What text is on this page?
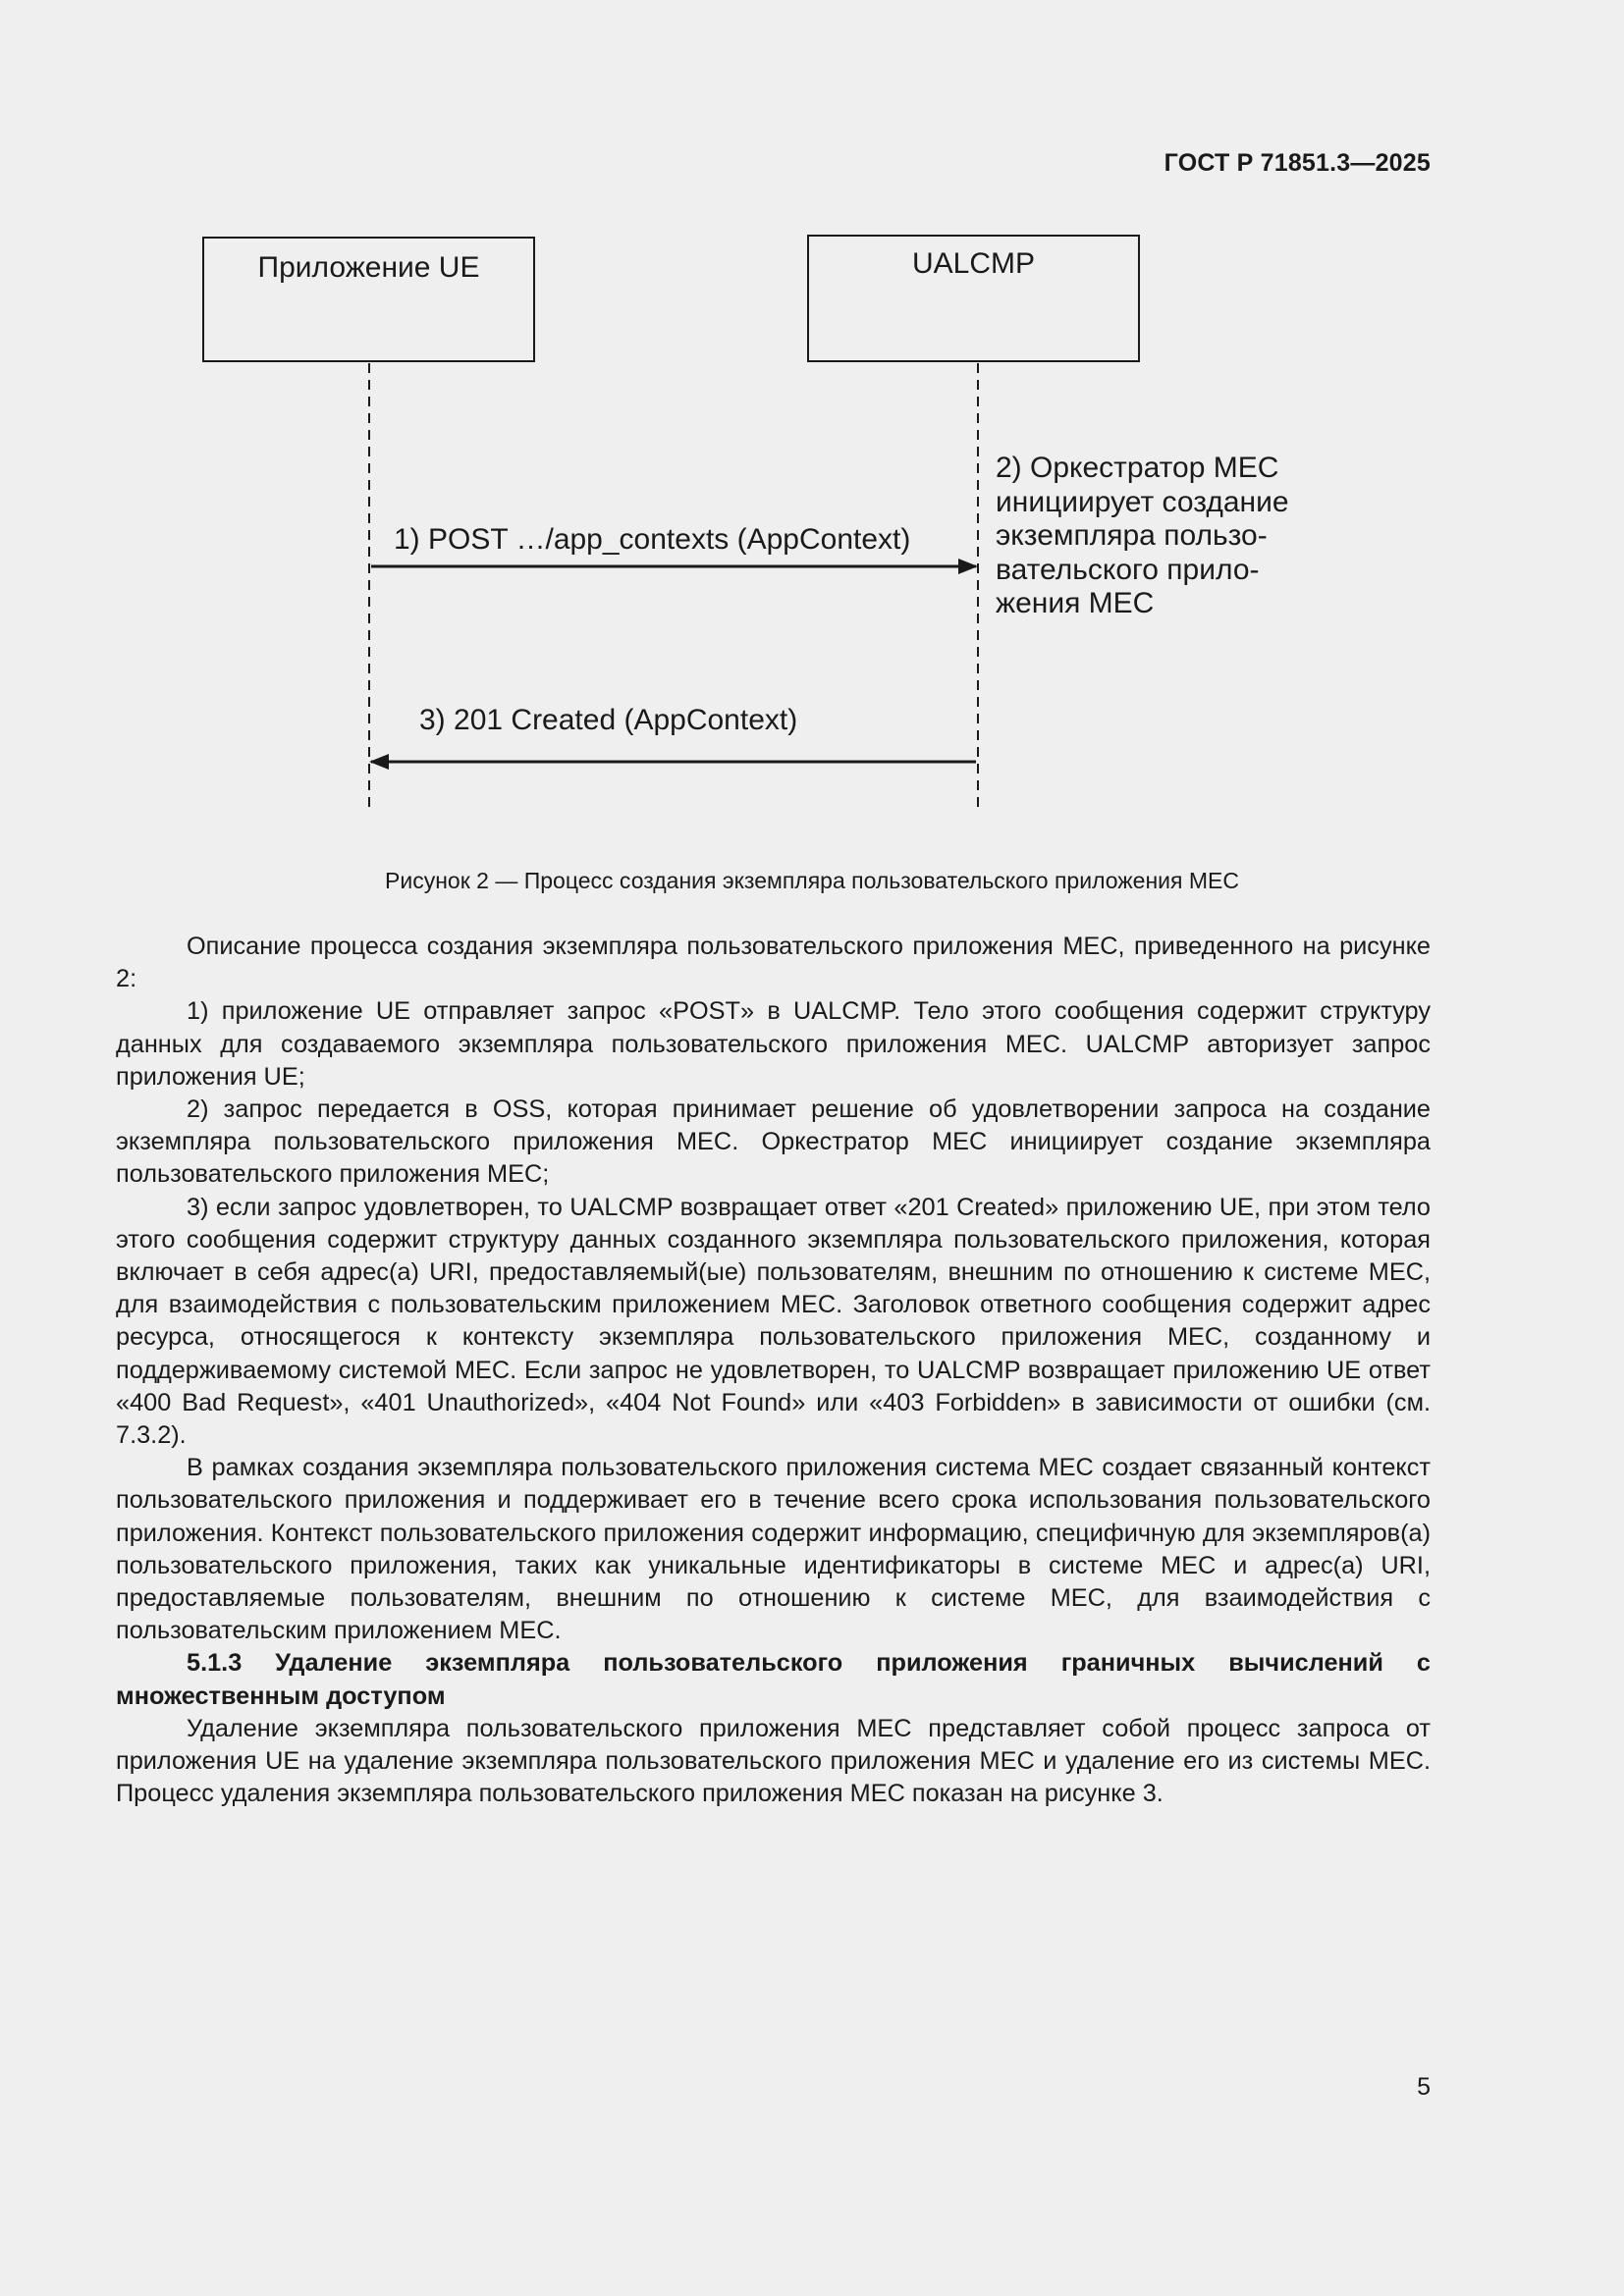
ГОСТ Р 71851.3—2025
Приложение UE	UALCMP
1) POST …/app_contexts (AppContext)
3) 201 Created (AppContext)
2) Оркестратор MEC
инициирует создание
экземпляра пользо-
вательского прило-
жения MEC
Рисунок 2 — Процесс создания экземпляра пользовательского приложения MEC

Описание процесса создания экземпляра пользовательского приложения MEC, приведенного на рисунке 2:

1) приложение UE отправляет запрос «POST» в UALCMP. Тело этого сообщения содержит структуру данных для создаваемого экземпляра пользовательского приложения MEC. UALCMP авторизует запрос приложения UE;

2) запрос передается в OSS, которая принимает решение об удовлетворении запроса на создание экземпляра пользовательского приложения MEC. Оркестратор MEC инициирует создание экземпляра пользовательского приложения MEC;

3) если запрос удовлетворен, то UALCMP возвращает ответ «201 Created» приложению UE, при этом тело этого сообщения содержит структуру данных созданного экземпляра пользовательского приложения, которая включает в себя адрес(а) URI, предоставляемый(ые) пользователям, внешним по отношению к системе MEC, для взаимодействия с пользовательским приложением MEC. Заголовок ответного сообщения содержит адрес ресурса, относящегося к контексту экземпляра пользовательского приложения MEC, созданному и поддерживаемому системой MEC. Если запрос не удовлетворен, то UALCMP возвращает приложению UE ответ «400 Bad Request», «401 Unauthorized», «404 Not Found» или «403 Forbidden» в зависимости от ошибки (см. 7.3.2).

В рамках создания экземпляра пользовательского приложения система MEC создает связанный контекст пользовательского приложения и поддерживает его в течение всего срока использования пользовательского приложения. Контекст пользовательского приложения содержит информацию, специфичную для экземпляров(а) пользовательского приложения, таких как уникальные идентификаторы в системе MEC и адрес(а) URI, предоставляемые пользователям, внешним по отношению к системе MEC, для взаимодействия с пользовательским приложением MEC.

5.1.3 Удаление экземпляра пользовательского приложения граничных вычислений с множественным доступом

Удаление экземпляра пользовательского приложения MEC представляет собой процесс запроса от приложения UE на удаление экземпляра пользовательского приложения MEC и удаление его из системы MEC. Процесс удаления экземпляра пользовательского приложения MEC показан на рисунке 3.

5
